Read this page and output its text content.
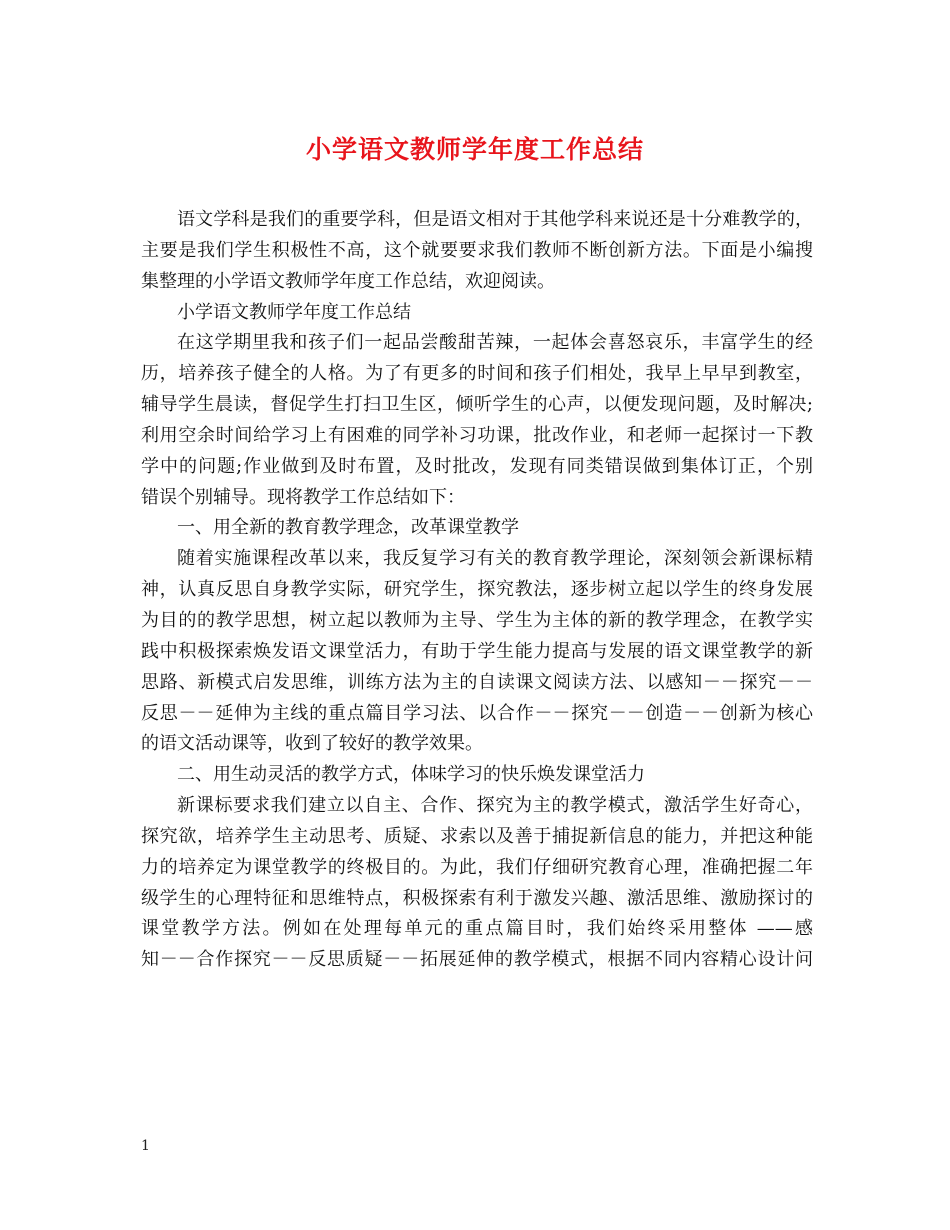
小学语文教师学年度工作总结
语文学科是我们的重要学科，但是语文相对于其他学科来说还是十分难教学的，
主要是我们学生积极性不高，这个就要要求我们教师不断创新方法。下面是小编搜
集整理的小学语文教师学年度工作总结，欢迎阅读。
小学语文教师学年度工作总结
在这学期里我和孩子们一起品尝酸甜苦辣，一起体会喜怒哀乐，丰富学生的经
历，培养孩子健全的人格。为了有更多的时间和孩子们相处，我早上早早到教室，
辅导学生晨读，督促学生打扫卫生区，倾听学生的心声，以便发现问题，及时解决;
利用空余时间给学习上有困难的同学补习功课，批改作业，和老师一起探讨一下教
学中的问题;作业做到及时布置，及时批改，发现有同类错误做到集体订正，个别
错误个别辅导。现将教学工作总结如下：
一、用全新的教育教学理念，改革课堂教学
随着实施课程改革以来，我反复学习有关的教育教学理论，深刻领会新课标精
神，认真反思自身教学实际，研究学生，探究教法，逐步树立起以学生的终身发展
为目的的教学思想，树立起以教师为主导、学生为主体的新的教学理念，在教学实
践中积极探索焕发语文课堂活力，有助于学生能力提高与发展的语文课堂教学的新
思路、新模式启发思维，训练方法为主的自读课文阅读方法、以感知－－探究－－
反思－－延伸为主线的重点篇目学习法、以合作－－探究－－创造－－创新为核心
的语文活动课等，收到了较好的教学效果。
二、用生动灵活的教学方式，体味学习的快乐焕发课堂活力
新课标要求我们建立以自主、合作、探究为主的教学模式，激活学生好奇心，
探究欲，培养学生主动思考、质疑、求索以及善于捕捉新信息的能力，并把这种能
力的培养定为课堂教学的终极目的。为此，我们仔细研究教育心理，准确把握二年
级学生的心理特征和思维特点，积极探索有利于激发兴趣、激活思维、激励探讨的
课堂教学方法。例如在处理每单元的重点篇目时，我们始终采用整体 ——感
知－－合作探究－－反思质疑－－拓展延伸的教学模式，根据不同内容精心设计问
1
